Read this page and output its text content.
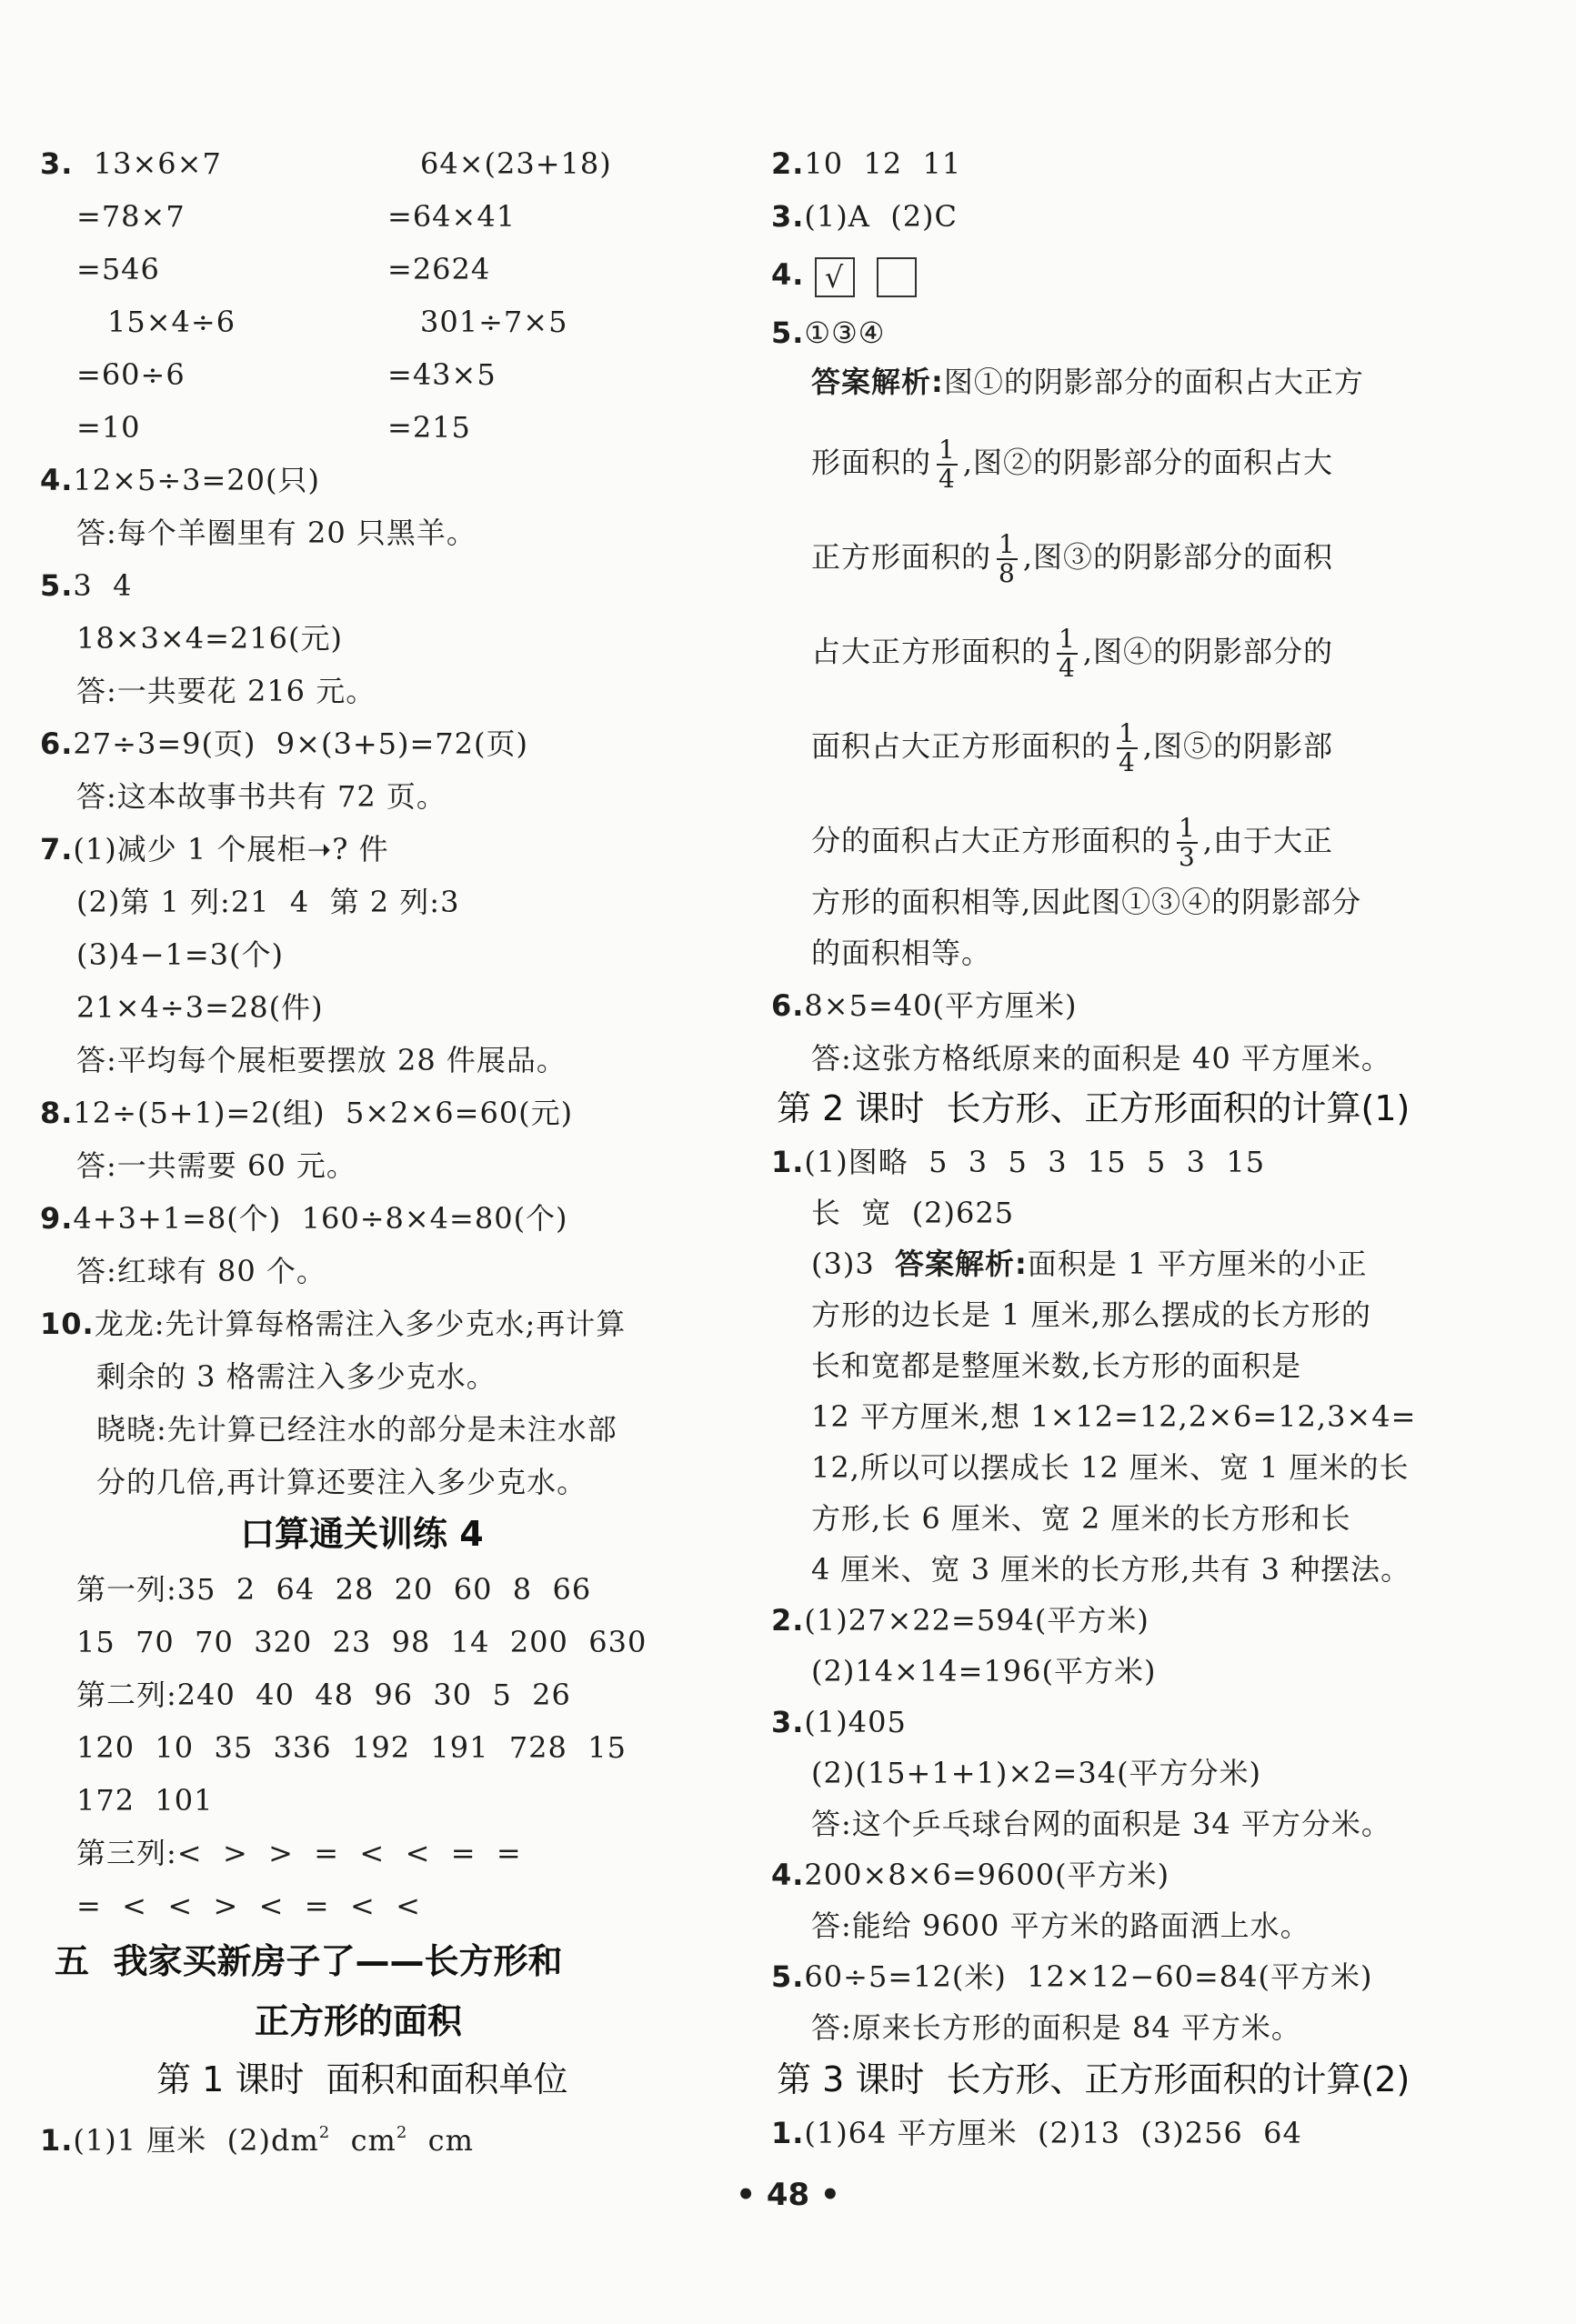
3. 13×6×7	64×(23+18)
=78×7	=64×41
=546	=2624
15×4÷6	301÷7×5
=60÷6	=43×5
=10	=215
4.12×5÷3=20(只)
答:每个羊圈里有 20 只黑羊。
5.3  4
18×3×4=216(元)
答:一共要花 216 元。
6.27÷3=9(页)  9×(3+5)=72(页)
答:这本故事书共有 72 页。
7.(1)减少 1 个展柜➝? 件
(2)第 1 列:21  4  第 2 列:3
(3)4−1=3(个)
21×4÷3=28(件)
答:平均每个展柜要摆放 28 件展品。
8.12÷(5+1)=2(组)  5×2×6=60(元)
答:一共需要 60 元。
9.4+3+1=8(个)  160÷8×4=80(个)
答:红球有 80 个。
10.龙龙:先计算每格需注入多少克水;再计算
剩余的 3 格需注入多少克水。
晓晓:先计算已经注水的部分是未注水部
分的几倍,再计算还要注入多少克水。
口算通关训练 4
第一列:35  2  64  28  20  60  8  66
15  70  70  320  23  98  14  200  630
第二列:240  40  48  96  30  5  26
120  10  35  336  192  191  728  15
172  101
第三列:<  >  >  =  <  <  =  =
=  <  <  >  <  =  <  <
五  我家买新房子了——长方形和
正方形的面积
第 1 课时  面积和面积单位
1.(1)1 厘米  $(2)dm^2$  $cm^2$  cm
2.10  12  11
3.(1)A  (2)C
4. √
5.①③④
答案解析:图①的阴影部分的面积占大正方
形面积的 $\frac{1}{4}$ ,图②的阴影部分的面积占大
正方形面积的 $\frac{1}{8}$ ,图③的阴影部分的面积
占大正方形面积的 $\frac{1}{4}$ ,图④的阴影部分的
面积占大正方形面积的 $\frac{1}{4}$ ,图⑤的阴影部
分的面积占大正方形面积的 $\frac{1}{3}$ ,由于大正
方形的面积相等,因此图①③④的阴影部分
的面积相等。
6.8×5=40(平方厘米)
答:这张方格纸原来的面积是 40 平方厘米。
第 2 课时  长方形、正方形面积的计算(1)
1.(1)图略  5  3  5  3  15  5  3  15
长  宽  (2)625
(3)3  答案解析:面积是 1 平方厘米的小正
方形的边长是 1 厘米,那么摆成的长方形的
长和宽都是整厘米数,长方形的面积是
12 平方厘米,想 1×12=12,2×6=12,3×4=
12,所以可以摆成长 12 厘米、宽 1 厘米的长
方形,长 6 厘米、宽 2 厘米的长方形和长
4 厘米、宽 3 厘米的长方形,共有 3 种摆法。
2.(1)27×22=594(平方米)
(2)14×14=196(平方米)
3.(1)405
(2)(15+1+1)×2=34(平方分米)
答:这个乒乓球台网的面积是 34 平方分米。
4.200×8×6=9600(平方米)
答:能给 9600 平方米的路面洒上水。
5.60÷5=12(米)  12×12−60=84(平方米)
答:原来长方形的面积是 84 平方米。
第 3 课时  长方形、正方形面积的计算(2)
1.(1)64 平方厘米  (2)13  (3)256  64
• 48 •
